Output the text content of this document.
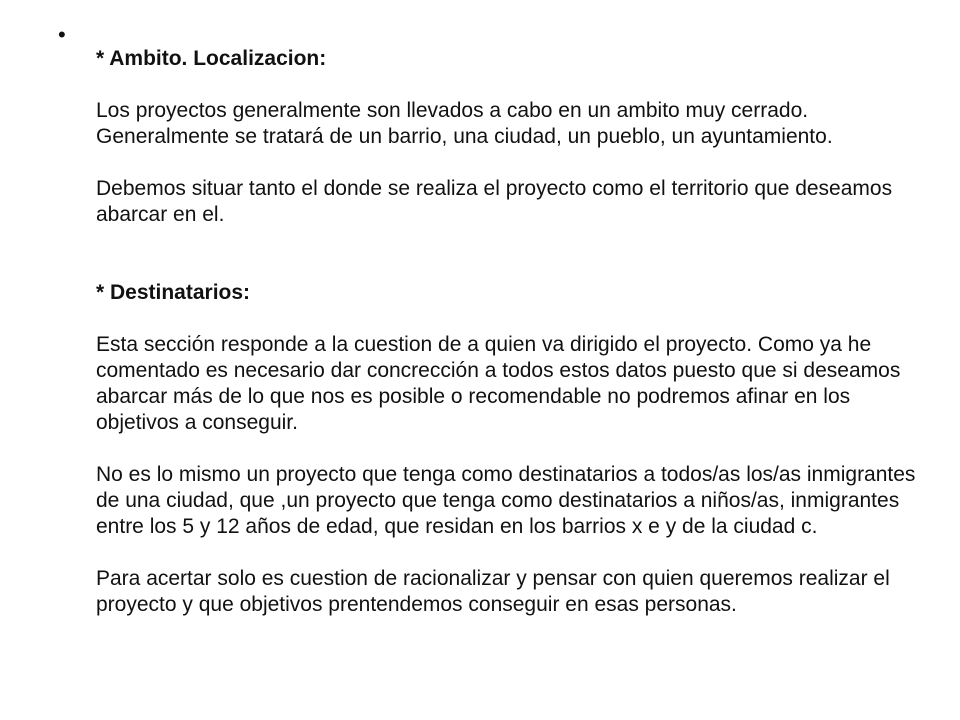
•
* Ambito. Localizacion:
Los proyectos generalmente son llevados a cabo en un ambito muy cerrado. Generalmente se tratará de un barrio, una ciudad, un pueblo, un ayuntamiento.
Debemos situar tanto el donde se realiza el proyecto como el territorio que deseamos abarcar en el.
* Destinatarios:
Esta sección responde a la cuestion de a quien va dirigido el proyecto. Como ya he comentado es necesario dar concrección a todos estos datos puesto que si deseamos abarcar más de lo que nos es posible o recomendable no podremos afinar en los objetivos a conseguir.
No es lo mismo un proyecto que tenga como destinatarios a todos/as los/as inmigrantes de una ciudad, que ,un proyecto que tenga como destinatarios a niños/as, inmigrantes entre los 5 y 12 años de edad, que residan en los barrios x e y de la ciudad c.
Para acertar solo es cuestion de racionalizar y pensar con quien queremos realizar el proyecto y que objetivos prentendemos conseguir en esas personas.
